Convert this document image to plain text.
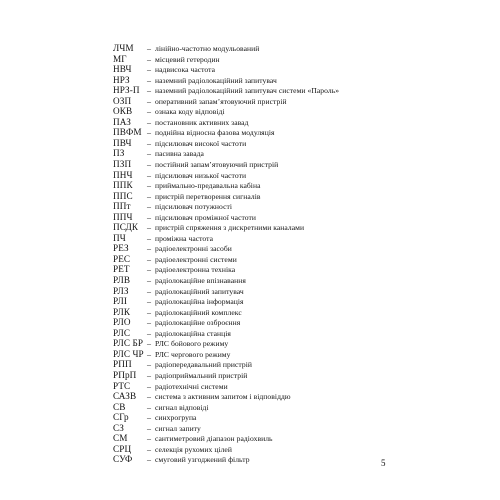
ЛЧМ	– лінійно-частотно модульований
МГ	– місцевий гетеродин
НВЧ	– надвисока частота
НРЗ	– наземний радіолокаційний запитувач
НРЗ-П – наземний радіолокаційний запитувач системи «Пароль»
ОЗП	– оперативний запам’ятовуючий пристрій
ОКВ	– ознака коду відповіді
ПАЗ	– постановник активних завад
ПВФМ – поднійна відносна фазова модуляція
ПВЧ	– підсилювач високої частоти
ПЗ	– пасивна завада
ПЗП	– постійний запам’ятовуючий пристрій
ПНЧ	– підсилювач низької частоти
ППК	– приймально-предавальна кабіна
ППС	– пристрій перетворення сигналів
ППт	– підсилювач потужності
ППЧ	– підсилювач проміжної частоти
ПСДК	– пристрій спряження з дискретними каналами
ПЧ	– проміжна частота
РЕЗ	– радіоелектронні засоби
РЕС	– радіоелектронні системи
РЕТ	– радіоелектронна техніка
РЛВ	– радіолокаційне впізнавання
РЛЗ	– радіолокаційний запитувач
РЛІ	– радіолокаційна інформація
РЛК	– радіолокаційний комплекс
РЛО	– радіолокаційне озброєння
РЛС	– радіолокаційна станція
РЛС БР – РЛС бойового режиму
РЛС ЧР – РЛС чергового режиму
РПП	– радіопередавальний пристрій
РПрП	– радіоприймальний пристрій
РТС	– радіотехнічні системи
САЗВ	– система з активним запитом і відповіддю
СВ	– сигнал відповіді
СГр	– синхрогрупа
СЗ	– сигнал запиту
СМ	– сантиметровий діапазон радіохвиль
СРЦ	– селекція рухомих цілей
СУФ	– смуговий узгоджений фільтр	5
